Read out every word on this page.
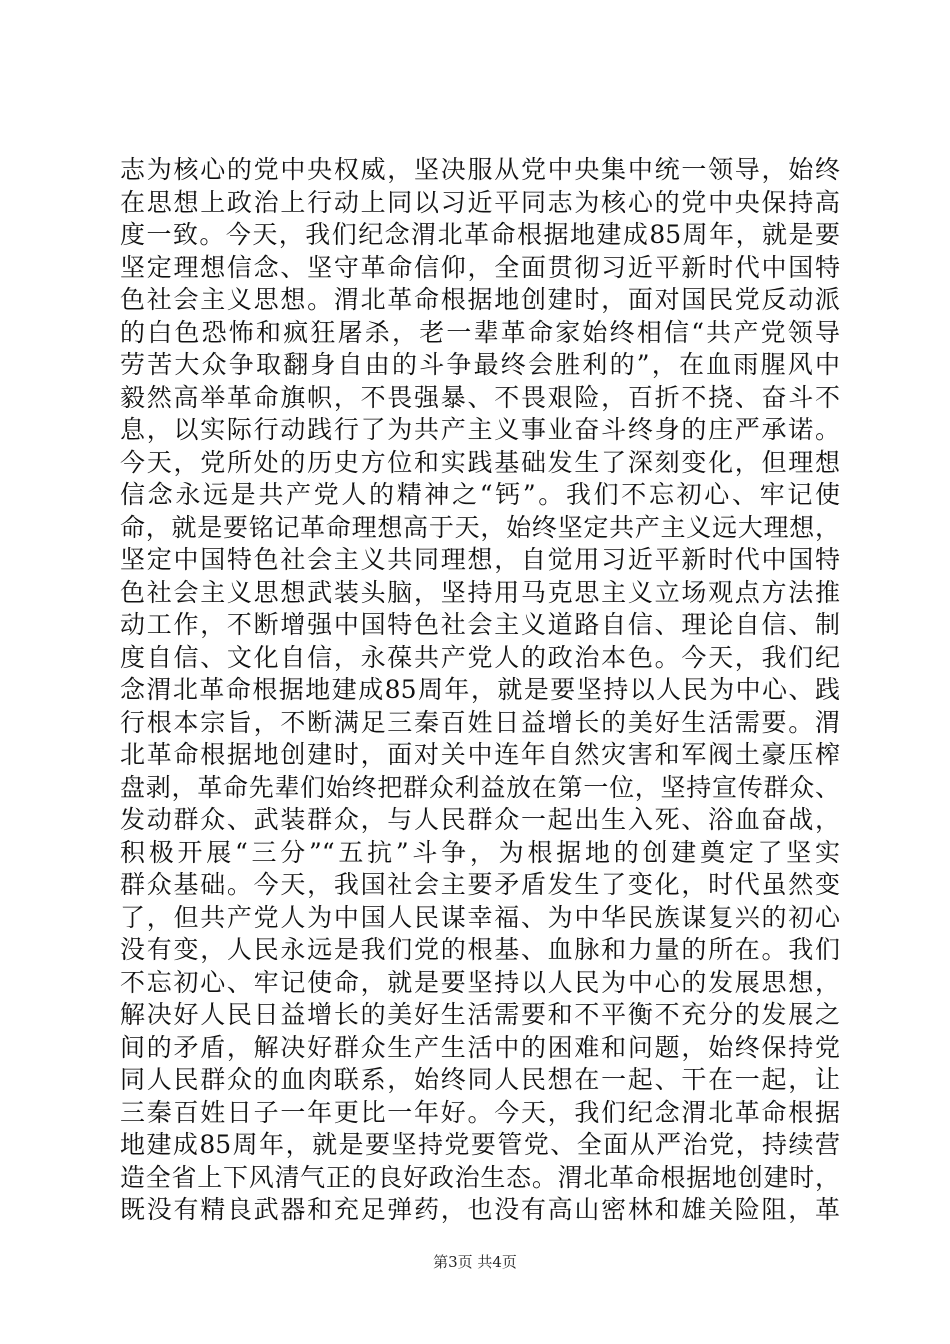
志为核心的党中央权威，坚决服从党中央集中统一领导，始终
在思想上政治上行动上同以习近平同志为核心的党中央保持高
度一致。今天，我们纪念渭北革命根据地建成85周年，就是要
坚定理想信念、坚守革命信仰，全面贯彻习近平新时代中国特
色社会主义思想。渭北革命根据地创建时，面对国民党反动派
的白色恐怖和疯狂屠杀，老一辈革命家始终相信“共产党领导
劳苦大众争取翻身自由的斗争最终会胜利的”，在血雨腥风中
毅然高举革命旗帜，不畏强暴、不畏艰险，百折不挠、奋斗不
息，以实际行动践行了为共产主义事业奋斗终身的庄严承诺。
今天，党所处的历史方位和实践基础发生了深刻变化，但理想
信念永远是共产党人的精神之“钙”。我们不忘初心、牢记使
命，就是要铭记革命理想高于天，始终坚定共产主义远大理想，
坚定中国特色社会主义共同理想，自觉用习近平新时代中国特
色社会主义思想武装头脑，坚持用马克思主义立场观点方法推
动工作，不断增强中国特色社会主义道路自信、理论自信、制
度自信、文化自信，永葆共产党人的政治本色。今天，我们纪
念渭北革命根据地建成85周年，就是要坚持以人民为中心、践
行根本宗旨，不断满足三秦百姓日益增长的美好生活需要。渭
北革命根据地创建时，面对关中连年自然灾害和军阀土豪压榨
盘剥，革命先辈们始终把群众利益放在第一位，坚持宣传群众、
发动群众、武装群众，与人民群众一起出生入死、浴血奋战，
积极开展“三分”“五抗”斗争，为根据地的创建奠定了坚实
群众基础。今天，我国社会主要矛盾发生了变化，时代虽然变
了，但共产党人为中国人民谋幸福、为中华民族谋复兴的初心
没有变，人民永远是我们党的根基、血脉和力量的所在。我们
不忘初心、牢记使命，就是要坚持以人民为中心的发展思想，
解决好人民日益增长的美好生活需要和不平衡不充分的发展之
间的矛盾，解决好群众生产生活中的困难和问题，始终保持党
同人民群众的血肉联系，始终同人民想在一起、干在一起，让
三秦百姓日子一年更比一年好。今天，我们纪念渭北革命根据
地建成85周年，就是要坚持党要管党、全面从严治党，持续营
造全省上下风清气正的良好政治生态。渭北革命根据地创建时，
既没有精良武器和充足弹药，也没有高山密林和雄关险阻，革
第3页 共4页
